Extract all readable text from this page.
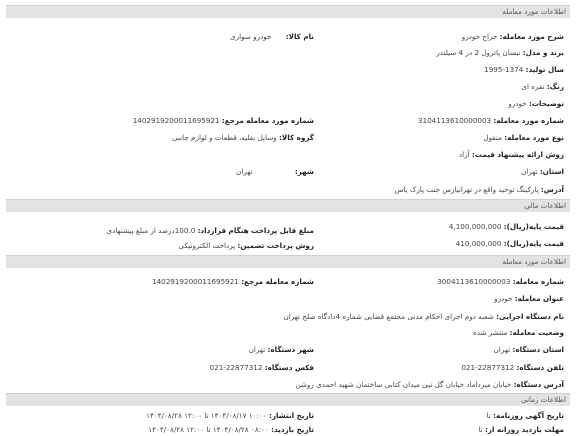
اطلاعات مورد معامله
شرح مورد معامله: حراج خودرو
نام کالا: خودرو سواری
برند و مدل: نیسان پاترول 2 در 4 سیلندر
سال تولید: 1374-1995
رنگ: نقره ای
توضیحات: خودرو
شماره مورد معامله: 3104113610000003
شماره مورد معامله مرجع: 1402919200011695921
نوع مورد معامله: منقول
گروه کالا: وسایل نقلیه، قطعات و لوازم جانبی
روش ارائه پیشنهاد قیمت: آزاد
استان: تهران
شهر: تهران
آدرس: پارکینگ توحید واقع در تهرانپارس جنب پارک یاس
اطلاعات مالی
قیمت پایه(ریال): 4,100,000,000
مبلغ قابل پرداخت هنگام قرارداد: 100.0درصد از مبلغ پیشنهادی
قیمت پایه(ریال): 410,000,000
روش پرداخت تضمین: پرداخت الکترونیکی
اطلاعات مورد معامله
شماره معامله: 3004113610000003
شماره معامله مرجع: 1402919200011695921
عنوان معامله: خودرو
نام دستگاه اجرایی: شعبه دوم اجرای احکام مدنی مجتمع قضایی شماره 4دادگاه صلح تهران
وضعیت معامله: منتشر شده
استان دستگاه: تهران
شهر دستگاه: تهران
تلفن دستگاه: 22877312-021
فکس دستگاه: 22877312-021
آدرس دستگاه: خیابان میرداماد خیابان گل نبی میدان کتابی ساختمان شهید احمدی روشن
اطلاعات زمانی
تاریخ آگهی روزنامه: تا
تاریخ انتشار: ۱۰:۰۰ ۱۴۰۴/۰۸/۱۷ تا ۱۲:۰۰ ۱۴۰۴/۰۸/۲۸
مهلت بازدید روزانه از: تا
تاریخ بازدید: ۰۸:۰۰ ۱۴۰۴/۰۸/۲۸ تا ۱۲:۰۰ ۱۴۰۴/۰۸/۲۸
